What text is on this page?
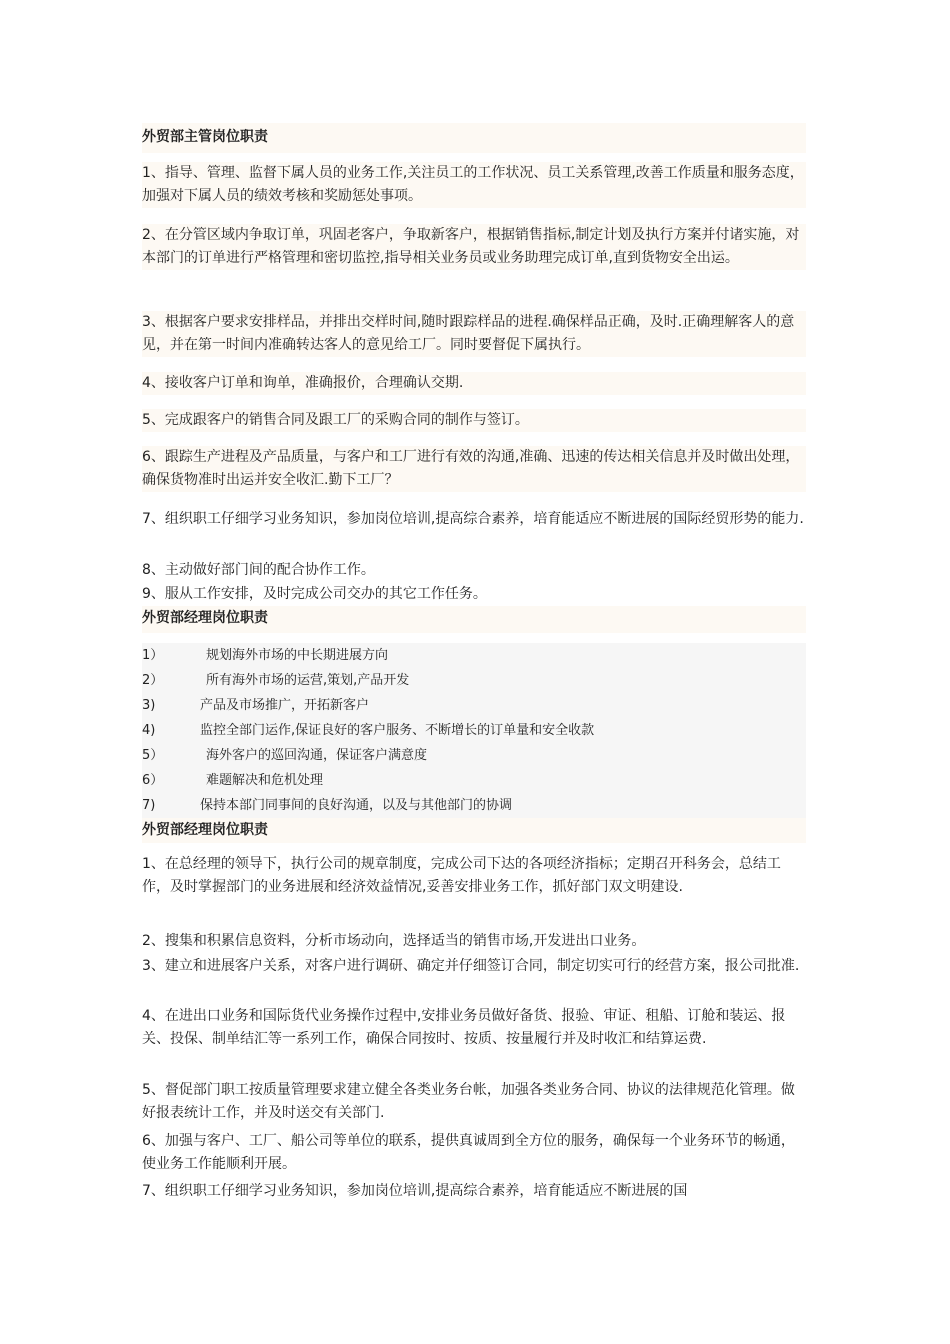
外贸部主管岗位职责
1、指导、管理、监督下属人员的业务工作,关注员工的工作状况、员工关系管理,改善工作质量和服务态度，加强对下属人员的绩效考核和奖励惩处事项。
2、在分管区域内争取订单，巩固老客户，争取新客户，根据销售指标,制定计划及执行方案并付诸实施，对本部门的订单进行严格管理和密切监控,指导相关业务员或业务助理完成订单,直到货物安全出运。
3、根据客户要求安排样品，并排出交样时间,随时跟踪样品的进程.确保样品正确，及时.正确理解客人的意见，并在第一时间内准确转达客人的意见给工厂。同时要督促下属执行。
4、接收客户订单和询单，准确报价，合理确认交期.
5、完成跟客户的销售合同及跟工厂的采购合同的制作与签订。
6、跟踪生产进程及产品质量，与客户和工厂进行有效的沟通,准确、迅速的传达相关信息并及时做出处理，确保货物准时出运并安全收汇.勤下工厂？
7、组织职工仔细学习业务知识，参加岗位培训,提高综合素养，培育能适应不断进展的国际经贸形势的能力.
8、主动做好部门间的配合协作工作。
9、服从工作安排，及时完成公司交办的其它工作任务。
外贸部经理岗位职责
1）	规划海外市场的中长期进展方向
2）	所有海外市场的运营,策划,产品开发
3)	产品及市场推广，开拓新客户
4)	监控全部门运作,保证良好的客户服务、不断增长的订单量和安全收款
5）	海外客户的巡回沟通，保证客户满意度
6）	难题解决和危机处理
7)	保持本部门同事间的良好沟通，以及与其他部门的协调
外贸部经理岗位职责
1、在总经理的领导下，执行公司的规章制度，完成公司下达的各项经济指标；定期召开科务会，总结工作，及时掌握部门的业务进展和经济效益情况,妥善安排业务工作，抓好部门双文明建设.
2、搜集和积累信息资料，分析市场动向，选择适当的销售市场,开发进出口业务。
3、建立和进展客户关系，对客户进行调研、确定并仔细签订合同，制定切实可行的经营方案，报公司批准.
4、在进出口业务和国际货代业务操作过程中,安排业务员做好备货、报验、审证、租船、订舱和装运、报关、投保、制单结汇等一系列工作，确保合同按时、按质、按量履行并及时收汇和结算运费.
5、督促部门职工按质量管理要求建立健全各类业务台帐，加强各类业务合同、协议的法律规范化管理。做好报表统计工作，并及时送交有关部门.
6、加强与客户、工厂、船公司等单位的联系，提供真诚周到全方位的服务，确保每一个业务环节的畅通，使业务工作能顺利开展。
7、组织职工仔细学习业务知识，参加岗位培训,提高综合素养，培育能适应不断进展的国
